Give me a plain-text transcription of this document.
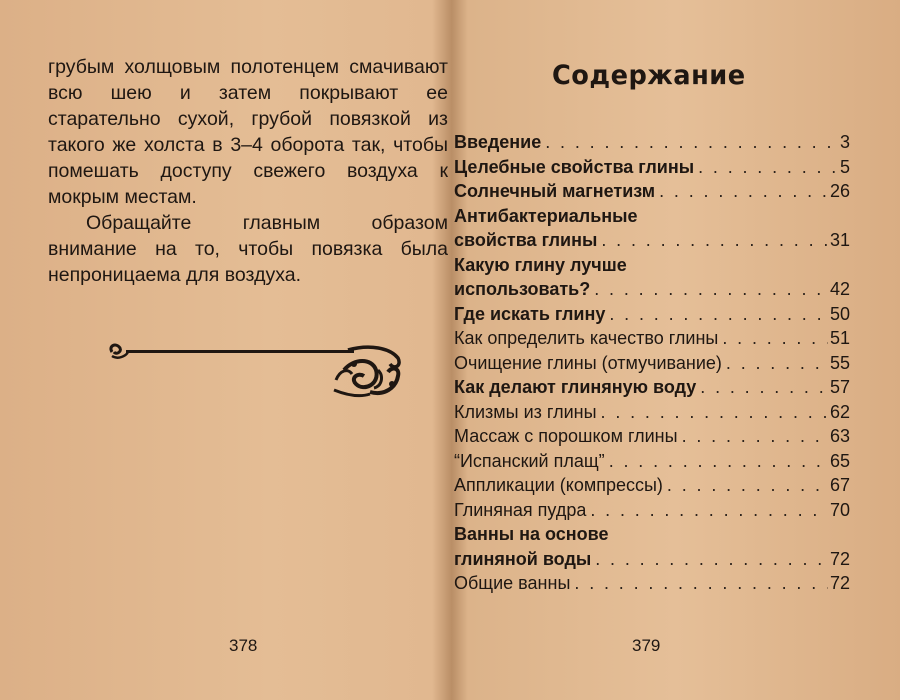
грубым холщовым полотенцем смачивают всю шею и затем покрывают ее старательно сухой, грубой повязкой из такого же холста в 3–4 оборота так, чтобы помешать доступу свежего воздуха к мокрым местам.

Обращайте главным образом внимание на то, чтобы повязка была непроницаема для воздуха.

378
Содержание
Введение . . .	3
Целебные свойства глины . . .	5
Солнечный магнетизм . . .	26
Антибактериальные
свойства глины . . .	31
Какую глину лучше
использовать? . . .	42
Где искать глину . . .	50
Как определить качество глины . . .	51
Очищение глины (отмучивание) . . .	55
Как делают глиняную воду . . .	57
Клизмы из глины . . .	62
Массаж с порошком глины . . .	63
“Испанский плащ” . . .	65
Аппликации (компрессы) . . .	67
Глиняная пудра . . .	70
Ванны на основе
глиняной воды . . .	72
Общие ванны . . .	72
379
